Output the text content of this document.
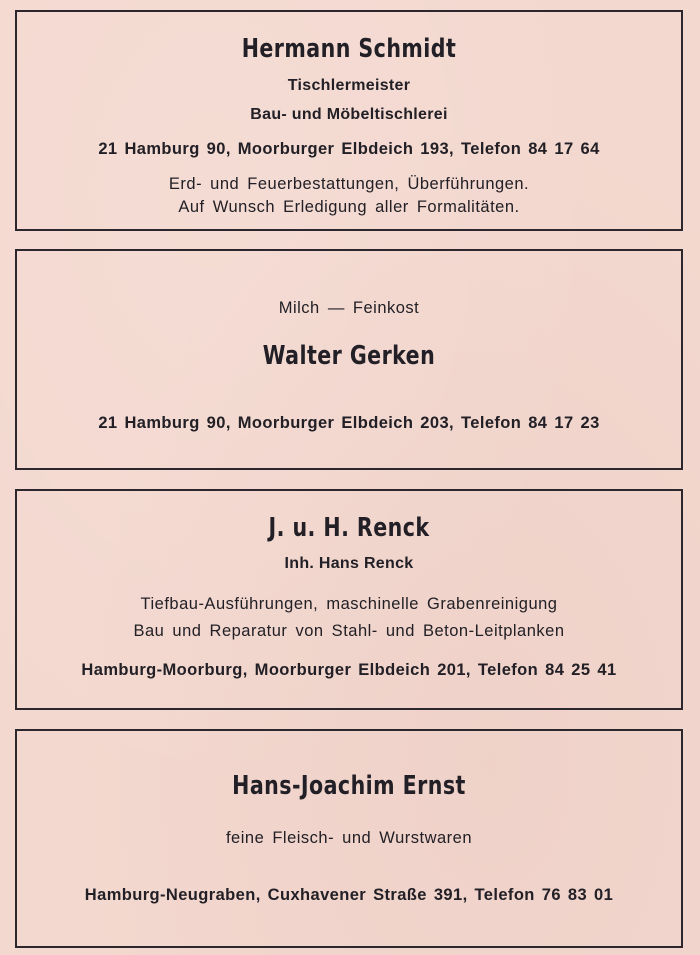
Hermann Schmidt
Tischlermeister
Bau- und Möbeltischlerei
21 Hamburg 90, Moorburger Elbdeich 193, Telefon 84 17 64
Erd- und Feuerbestattungen, Überführungen.
Auf Wunsch Erledigung aller Formalitäten.
Milch — Feinkost
Walter Gerken
21 Hamburg 90, Moorburger Elbdeich 203, Telefon 84 17 23
J. u. H. Renck
Inh. Hans Renck
Tiefbau-Ausführungen, maschinelle Grabenreinigung
Bau und Reparatur von Stahl- und Beton-Leitplanken
Hamburg-Moorburg, Moorburger Elbdeich 201, Telefon 84 25 41
Hans-Joachim Ernst
feine Fleisch- und Wurstwaren
Hamburg-Neugraben, Cuxhavener Straße 391, Telefon 76 83 01
